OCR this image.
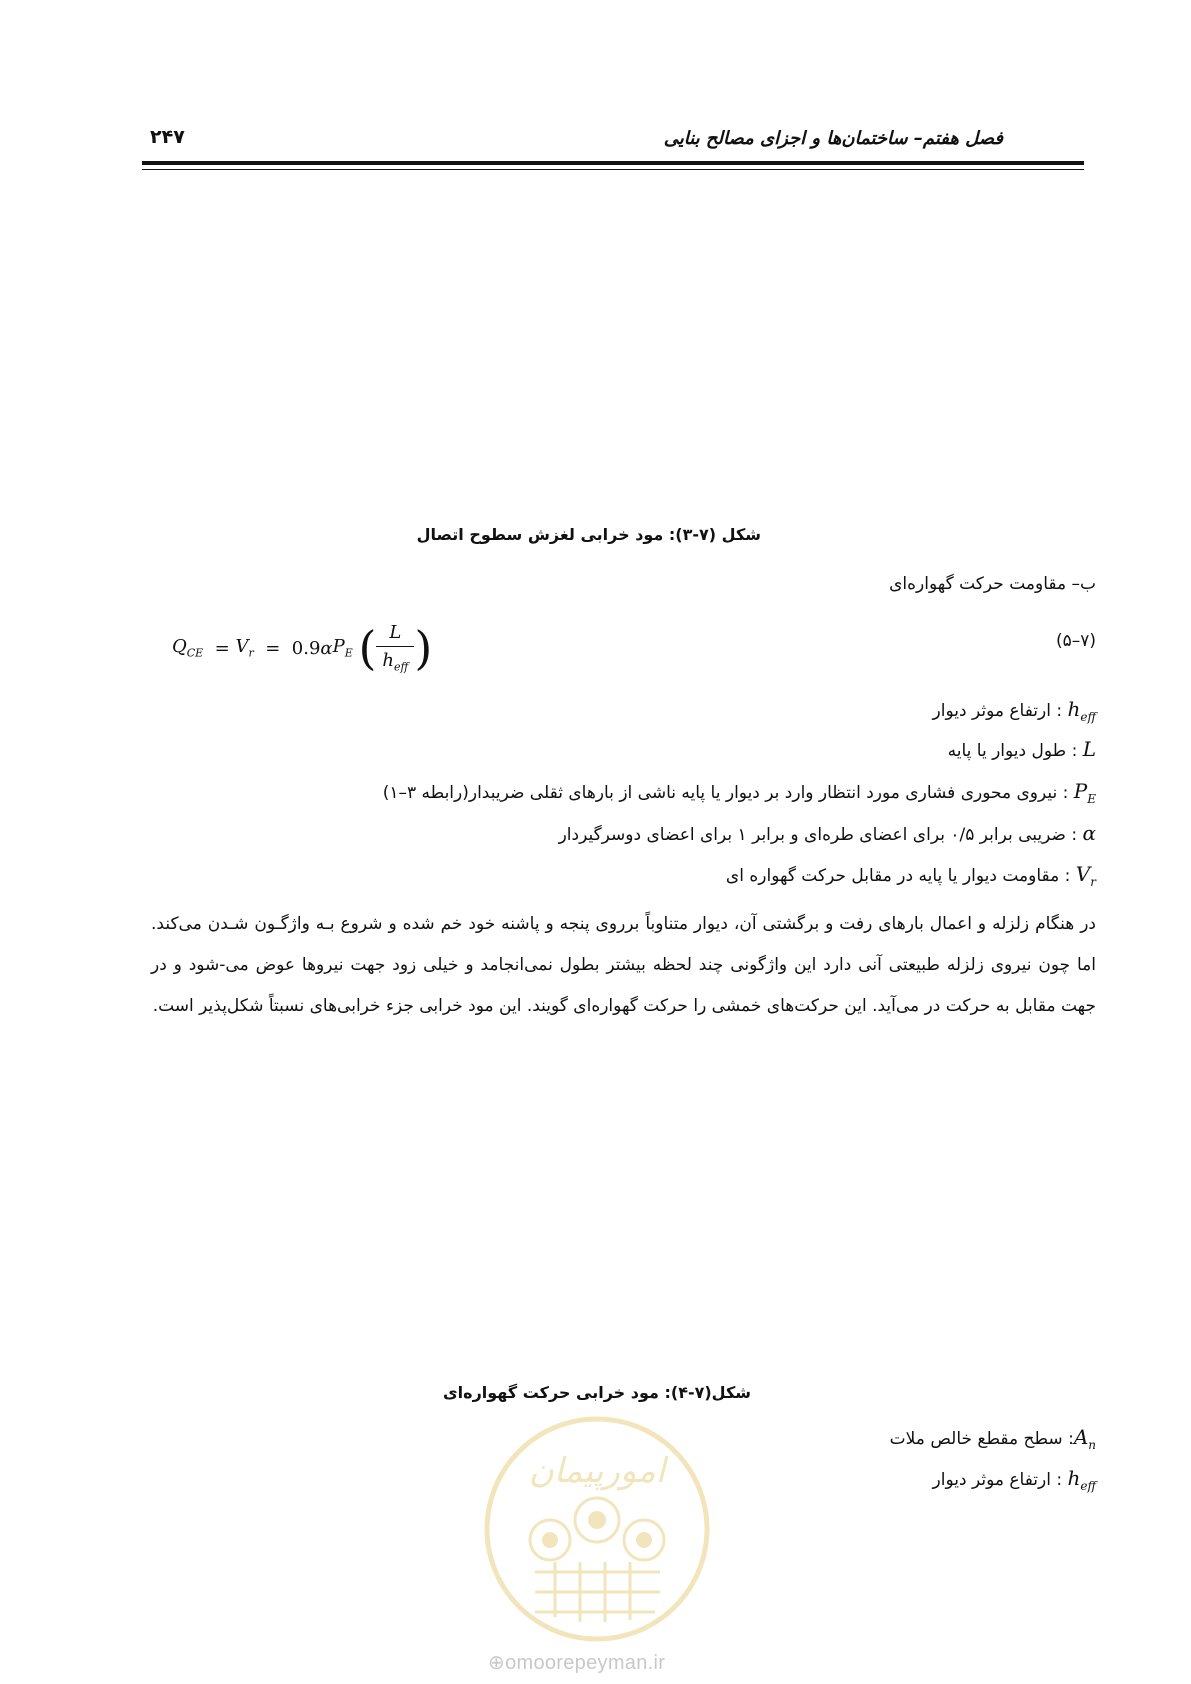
فصل هفتم– ساختمان‌ها و اجزای مصالح بنایی
۲۴۷
شکل (۷-۳): مود خرابی لغزش سطوح اتصال
ب– مقاومت حرکت گهواره‌ای
(۷–۵)
$Q_{CE} = V_r = 0.9\alpha P_E$ ( $\frac{L}{h_{eff}}$ )
$h_{eff}$ : ارتفاع موثر دیوار
L : طول دیوار یا پایه
$P_E$ : نیروی محوری فشاری مورد انتظار وارد بر دیوار یا پایه ناشی از بارهای ثقلی ضریبدار(رابطه ۳–۱)
α : ضریبی برابر ۰/۵ برای اعضای طره‌ای و برابر ۱ برای اعضای دوسرگیردار
$V_r$ : مقاومت دیوار یا پایه در مقابل حرکت گهواره ای
در هنگام زلزله و اعمال بارهای رفت و برگشتی آن، دیوار متناوباً برروی پنجه و پاشنه خود خم شده و شروع بـه واژگـون شـدن می‌کند. اما چون نیروی زلزله طبیعتی آنی دارد این واژگونی چند لحظه بیشتر بطول نمی‌انجامد و خیلی زود جهت نیروها عوض می-شود و در جهت مقابل به حرکت در می‌آید. این حرکت‌های خمشی را حرکت گهواره‌ای گویند. این مود خرابی جزء خرابی‌های نسبتاً شکل‌پذیر است.
شکل(۷-۴): مود خرابی حرکت گهواره‌ای
$A_n$: سطح مقطع خالص ملات
$h_{eff}$ : ارتفاع موثر دیوار
امورپیمان
⊕omoorepeyman.ir
